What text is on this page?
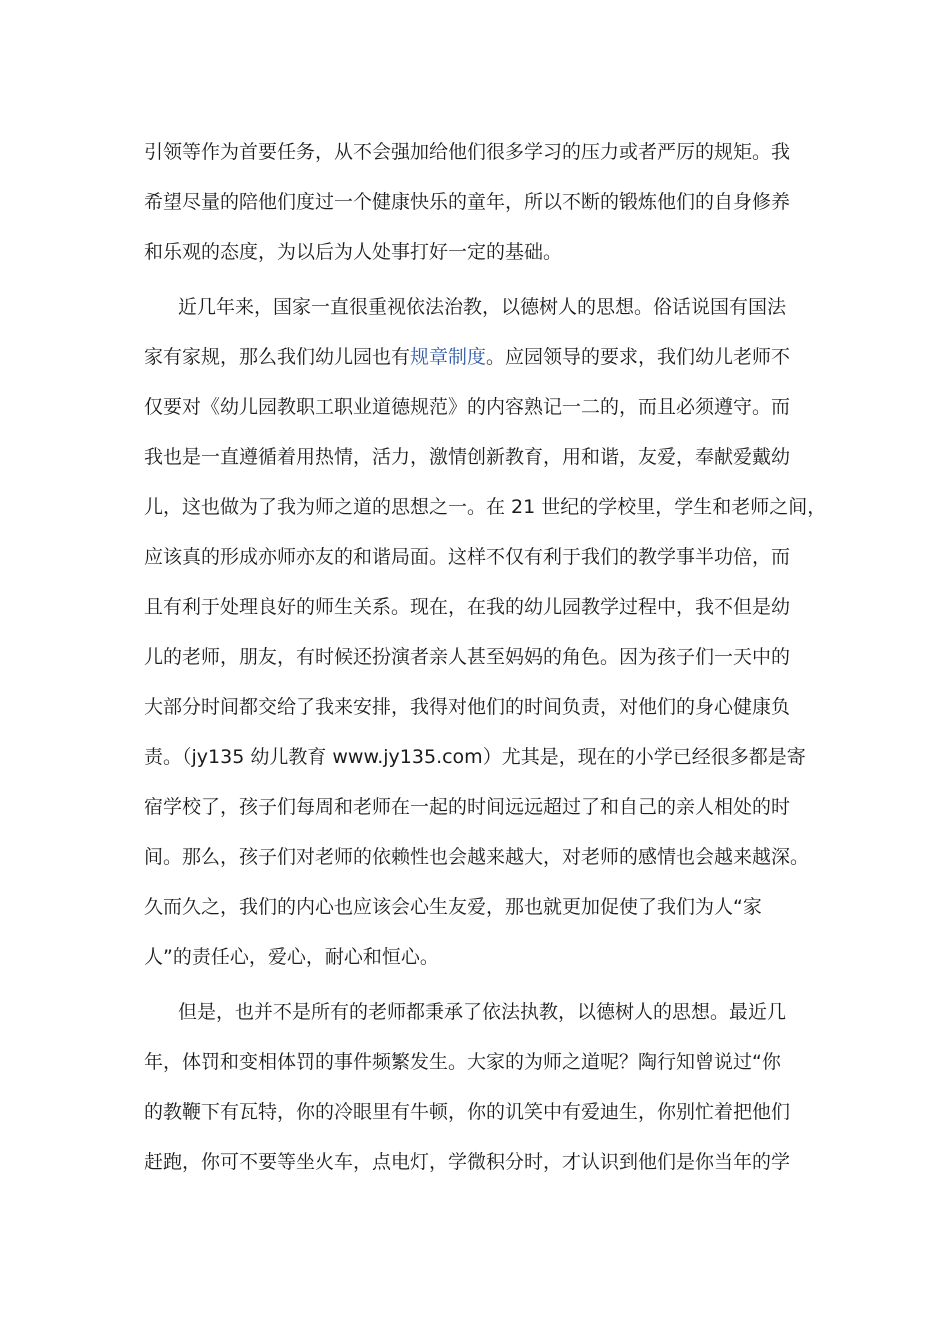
引领等作为首要任务，从不会强加给他们很多学习的压力或者严厉的规矩。我
希望尽量的陪他们度过一个健康快乐的童年，所以不断的锻炼他们的自身修养
和乐观的态度，为以后为人处事打好一定的基础。
近几年来，国家一直很重视依法治教，以德树人的思想。俗话说国有国法
家有家规，那么我们幼儿园也有规章制度。应园领导的要求，我们幼儿老师不
仅要对《幼儿园教职工职业道德规范》的内容熟记一二的，而且必须遵守。而
我也是一直遵循着用热情，活力，激情创新教育，用和谐，友爱，奉献爱戴幼
儿，这也做为了我为师之道的思想之一。在 21 世纪的学校里，学生和老师之间，
应该真的形成亦师亦友的和谐局面。这样不仅有利于我们的教学事半功倍，而
且有利于处理良好的师生关系。现在，在我的幼儿园教学过程中，我不但是幼
儿的老师，朋友，有时候还扮演者亲人甚至妈妈的角色。因为孩子们一天中的
大部分时间都交给了我来安排，我得对他们的时间负责，对他们的身心健康负
责。（jy135 幼儿教育 www.jy135.com）尤其是，现在的小学已经很多都是寄
宿学校了，孩子们每周和老师在一起的时间远远超过了和自己的亲人相处的时
间。那么，孩子们对老师的依赖性也会越来越大，对老师的感情也会越来越深。
久而久之，我们的内心也应该会心生友爱，那也就更加促使了我们为人“家
人”的责任心，爱心，耐心和恒心。
但是，也并不是所有的老师都秉承了依法执教，以德树人的思想。最近几
年，体罚和变相体罚的事件频繁发生。大家的为师之道呢？陶行知曾说过“你
的教鞭下有瓦特，你的冷眼里有牛顿，你的讥笑中有爱迪生，你别忙着把他们
赶跑，你可不要等坐火车，点电灯，学微积分时，才认识到他们是你当年的学
